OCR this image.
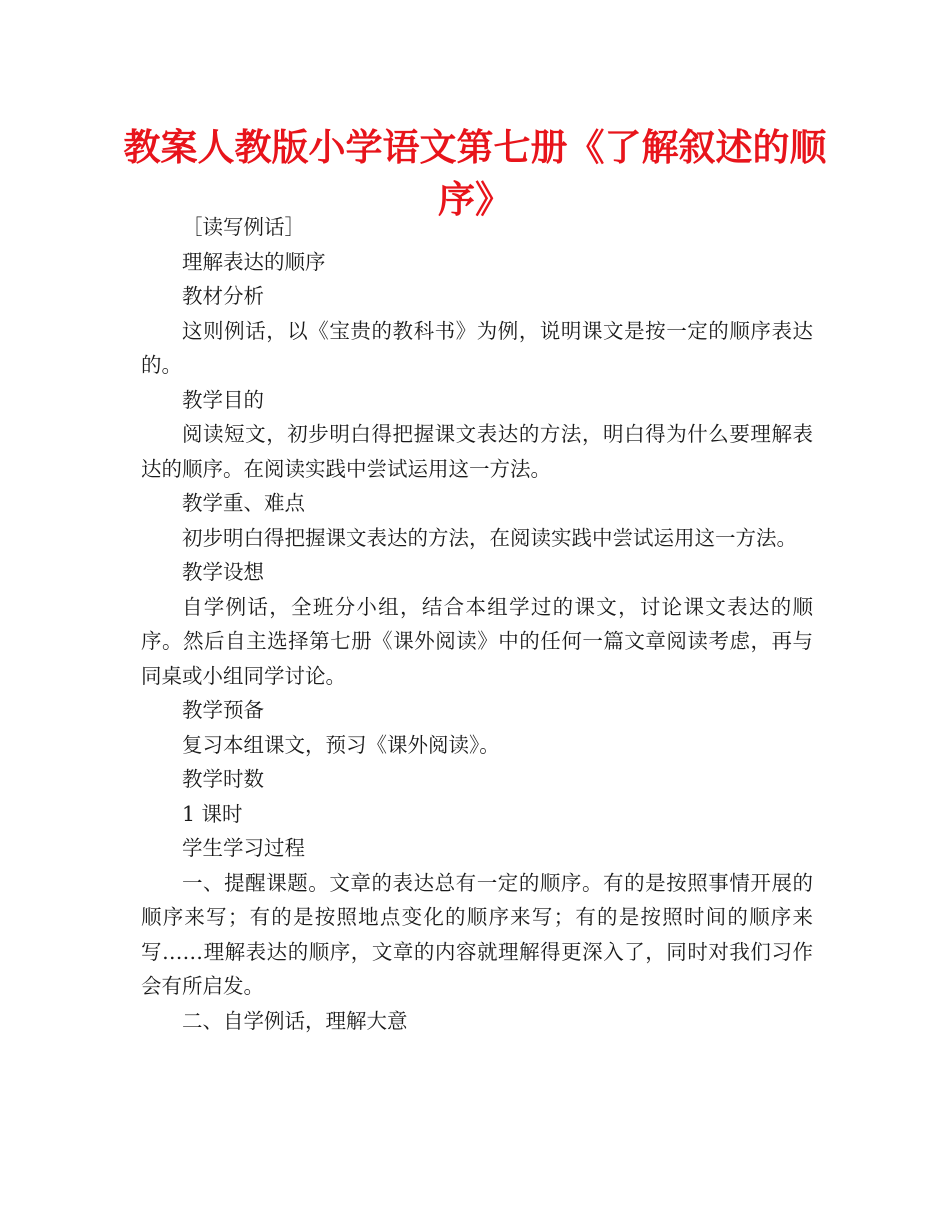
教案人教版小学语文第七册《了解叙述的顺序》

［读写例话］

理解表达的顺序

教材分析

这则例话，以《宝贵的教科书》为例，说明课文是按一定的顺序表达的。

教学目的

阅读短文，初步明白得把握课文表达的方法，明白得为什么要理解表达的顺序。在阅读实践中尝试运用这一方法。

教学重、难点

初步明白得把握课文表达的方法，在阅读实践中尝试运用这一方法。

教学设想

自学例话，全班分小组，结合本组学过的课文，讨论课文表达的顺序。然后自主选择第七册《课外阅读》中的任何一篇文章阅读考虑，再与同桌或小组同学讨论。

教学预备

复习本组课文，预习《课外阅读》。

教学时数

1 课时

学生学习过程

一、提醒课题。文章的表达总有一定的顺序。有的是按照事情开展的顺序来写；有的是按照地点变化的顺序来写；有的是按照时间的顺序来写……理解表达的顺序，文章的内容就理解得更深入了，同时对我们习作会有所启发。

二、自学例话，理解大意
